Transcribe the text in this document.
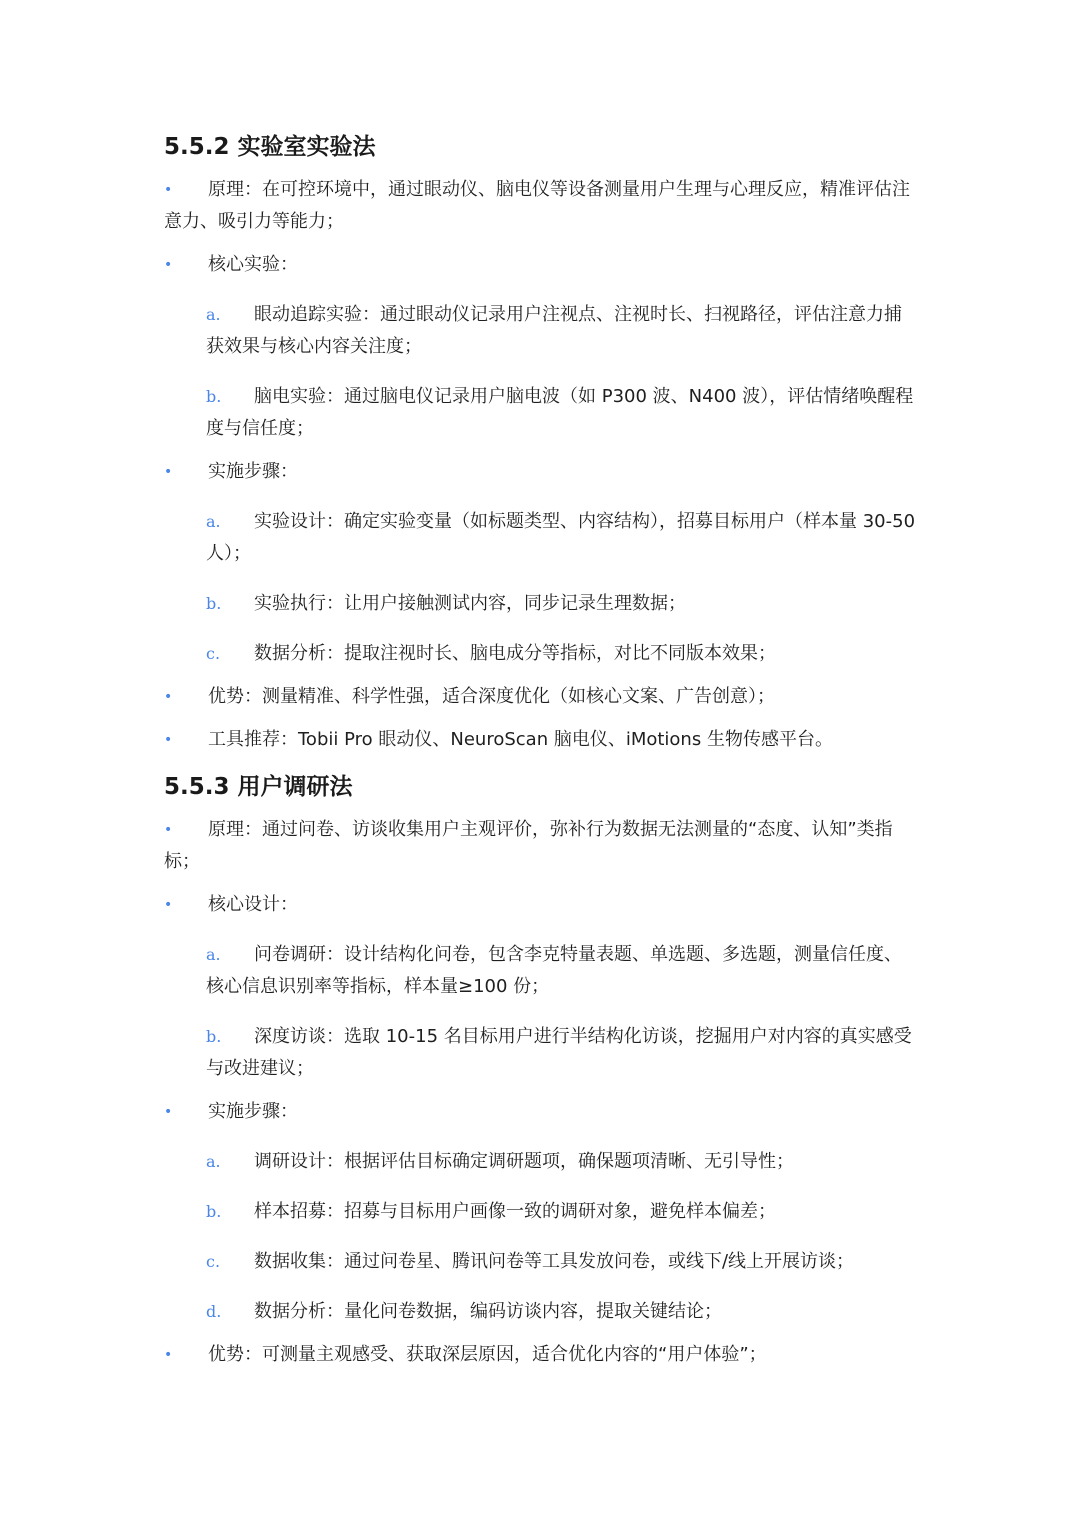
5.5.2 实验室实验法

• 原理：在可控环境中，通过眼动仪、脑电仪等设备测量用户生理与心理反应，精准评估注意力、吸引力等能力；

• 核心实验：

a. 眼动追踪实验：通过眼动仪记录用户注视点、注视时长、扫视路径，评估注意力捕获效果与核心内容关注度；

b. 脑电实验：通过脑电仪记录用户脑电波（如 P300 波、N400 波），评估情绪唤醒程度与信任度；

• 实施步骤：

a. 实验设计：确定实验变量（如标题类型、内容结构），招募目标用户（样本量 30-50 人）；

b. 实验执行：让用户接触测试内容，同步记录生理数据；

c. 数据分析：提取注视时长、脑电成分等指标，对比不同版本效果；

• 优势：测量精准、科学性强，适合深度优化（如核心文案、广告创意）；

• 工具推荐：Tobii Pro 眼动仪、NeuroScan 脑电仪、iMotions 生物传感平台。

5.5.3 用户调研法

• 原理：通过问卷、访谈收集用户主观评价，弥补行为数据无法测量的“态度、认知”类指标；

• 核心设计：

a. 问卷调研：设计结构化问卷，包含李克特量表题、单选题、多选题，测量信任度、核心信息识别率等指标，样本量≥100 份；

b. 深度访谈：选取 10-15 名目标用户进行半结构化访谈，挖掘用户对内容的真实感受与改进建议；

• 实施步骤：

a. 调研设计：根据评估目标确定调研题项，确保题项清晰、无引导性；

b. 样本招募：招募与目标用户画像一致的调研对象，避免样本偏差；

c. 数据收集：通过问卷星、腾讯问卷等工具发放问卷，或线下/线上开展访谈；

d. 数据分析：量化问卷数据，编码访谈内容，提取关键结论；

• 优势：可测量主观感受、获取深层原因，适合优化内容的“用户体验”；
